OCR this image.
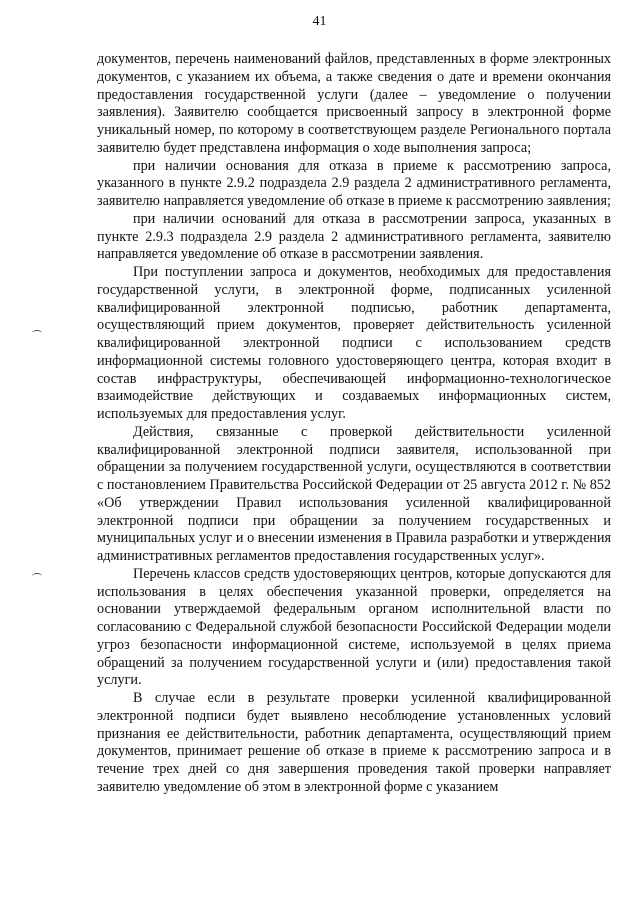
41

документов, перечень наименований файлов, представленных в форме электронных документов, с указанием их объема, а также сведения о дате и времени окончания предоставления государственной услуги (далее – уведомление о получении заявления). Заявителю сообщается присвоенный запросу в электронной форме уникальный номер, по которому в соответствующем разделе Регионального портала заявителю будет представлена информация о ходе выполнения запроса;

при наличии основания для отказа в приеме к рассмотрению запроса, указанного в пункте 2.9.2 подраздела 2.9 раздела 2 административного регламента, заявителю направляется уведомление об отказе в приеме к рассмотрению заявления;

при наличии оснований для отказа в рассмотрении запроса, указанных в пункте 2.9.3 подраздела 2.9 раздела 2 административного регламента, заявителю направляется уведомление об отказе в рассмотрении заявления.

При поступлении запроса и документов, необходимых для предоставления государственной услуги, в электронной форме, подписанных усиленной квалифицированной электронной подписью, работник департамента, осуществляющий прием документов, проверяет действительность усиленной квалифицированной электронной подписи с использованием средств информационной системы головного удостоверяющего центра, которая входит в состав инфраструктуры, обеспечивающей информационно-технологическое взаимодействие действующих и создаваемых информационных систем, используемых для предоставления услуг.

Действия, связанные с проверкой действительности усиленной квалифицированной электронной подписи заявителя, использованной при обращении за получением государственной услуги, осуществляются в соответствии с постановлением Правительства Российской Федерации от 25 августа 2012 г. № 852 «Об утверждении Правил использования усиленной квалифицированной электронной подписи при обращении за получением государственных и муниципальных услуг и о внесении изменения в Правила разработки и утверждения административных регламентов предоставления государственных услуг».

Перечень классов средств удостоверяющих центров, которые допускаются для использования в целях обеспечения указанной проверки, определяется на основании утверждаемой федеральным органом исполнительной власти по согласованию с Федеральной службой безопасности Российской Федерации модели угроз безопасности информационной системе, используемой в целях приема обращений за получением государственной услуги и (или) предоставления такой услуги.

В случае если в результате проверки усиленной квалифицированной электронной подписи будет выявлено несоблюдение установленных условий признания ее действительности, работник департамента, осуществляющий прием документов, принимает решение об отказе в приеме к рассмотрению запроса и в течение трех дней со дня завершения проведения такой проверки направляет заявителю уведомление об этом в электронной форме с указанием
